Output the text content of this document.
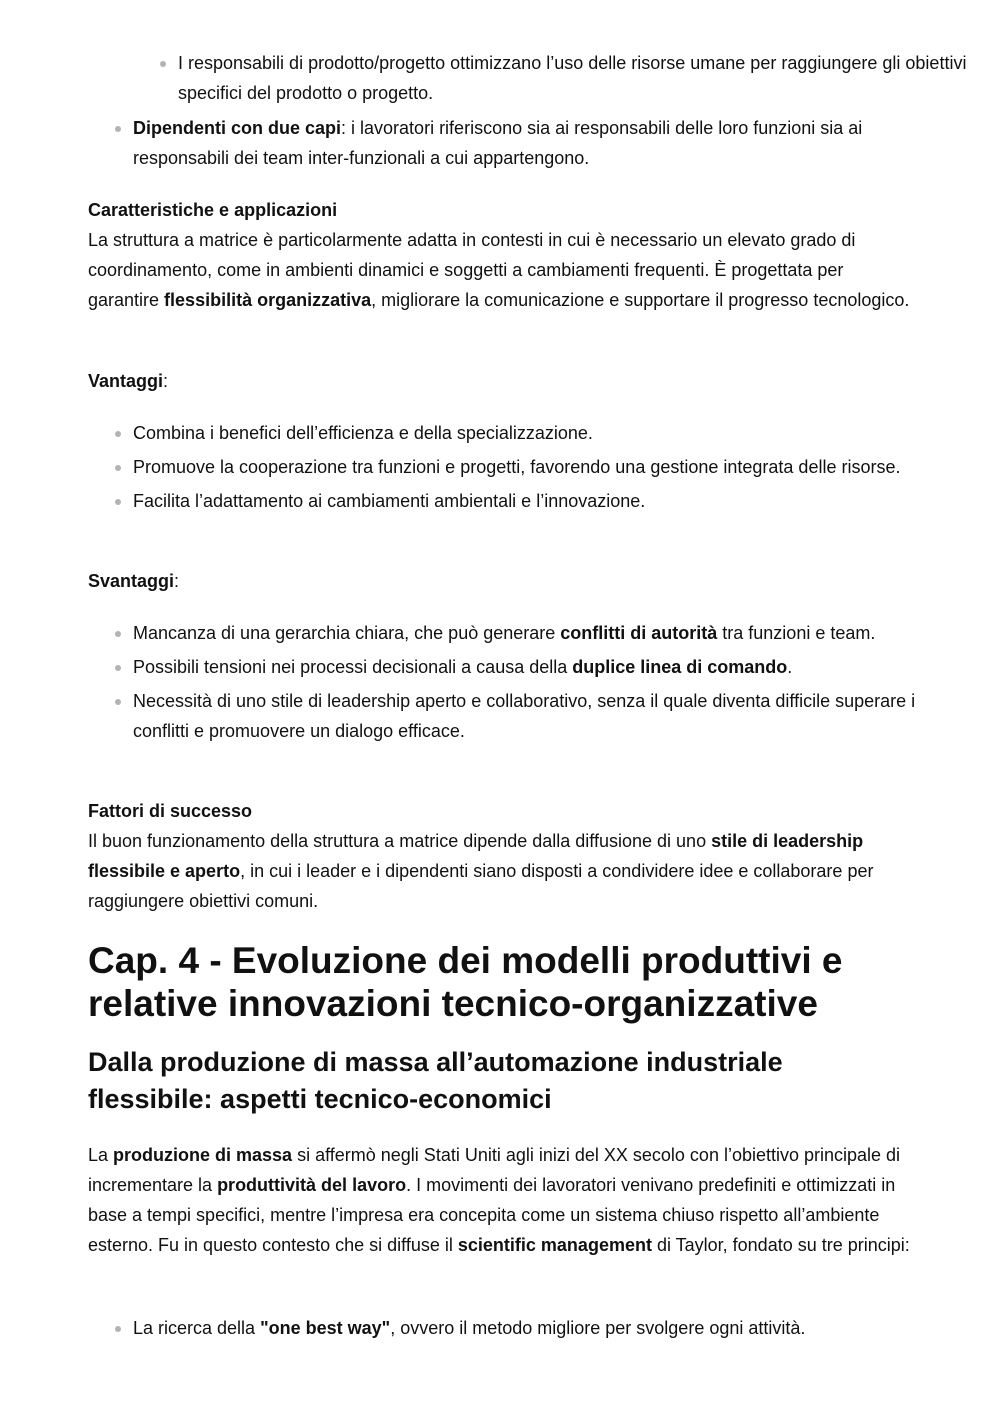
I responsabili di prodotto/progetto ottimizzano l’uso delle risorse umane per raggiungere gli obiettivi specifici del prodotto o progetto.
Dipendenti con due capi: i lavoratori riferiscono sia ai responsabili delle loro funzioni sia ai responsabili dei team inter-funzionali a cui appartengono.

Caratteristiche e applicazioni
La struttura a matrice è particolarmente adatta in contesti in cui è necessario un elevato grado di coordinamento, come in ambienti dinamici e soggetti a cambiamenti frequenti. È progettata per garantire flessibilità organizzativa, migliorare la comunicazione e supportare il progresso tecnologico.

Vantaggi:

Combina i benefici dell’efficienza e della specializzazione.
Promuove la cooperazione tra funzioni e progetti, favorendo una gestione integrata delle risorse.
Facilita l’adattamento ai cambiamenti ambientali e l’innovazione.

Svantaggi:

Mancanza di una gerarchia chiara, che può generare conflitti di autorità tra funzioni e team.
Possibili tensioni nei processi decisionali a causa della duplice linea di comando.
Necessità di uno stile di leadership aperto e collaborativo, senza il quale diventa difficile superare i conflitti e promuovere un dialogo efficace.

Fattori di successo
Il buon funzionamento della struttura a matrice dipende dalla diffusione di uno stile di leadership flessibile e aperto, in cui i leader e i dipendenti siano disposti a condividere idee e collaborare per raggiungere obiettivi comuni.

Cap. 4 - Evoluzione dei modelli produttivi e relative innovazioni tecnico-organizzative
Dalla produzione di massa all’automazione industriale flessibile: aspetti tecnico-economici

La produzione di massa si affermò negli Stati Uniti agli inizi del XX secolo con l’obiettivo principale di incrementare la produttività del lavoro. I movimenti dei lavoratori venivano predefiniti e ottimizzati in base a tempi specifici, mentre l’impresa era concepita come un sistema chiuso rispetto all’ambiente esterno. Fu in questo contesto che si diffuse il scientific management di Taylor, fondato su tre principi:

La ricerca della "one best way", ovvero il metodo migliore per svolgere ogni attività.
